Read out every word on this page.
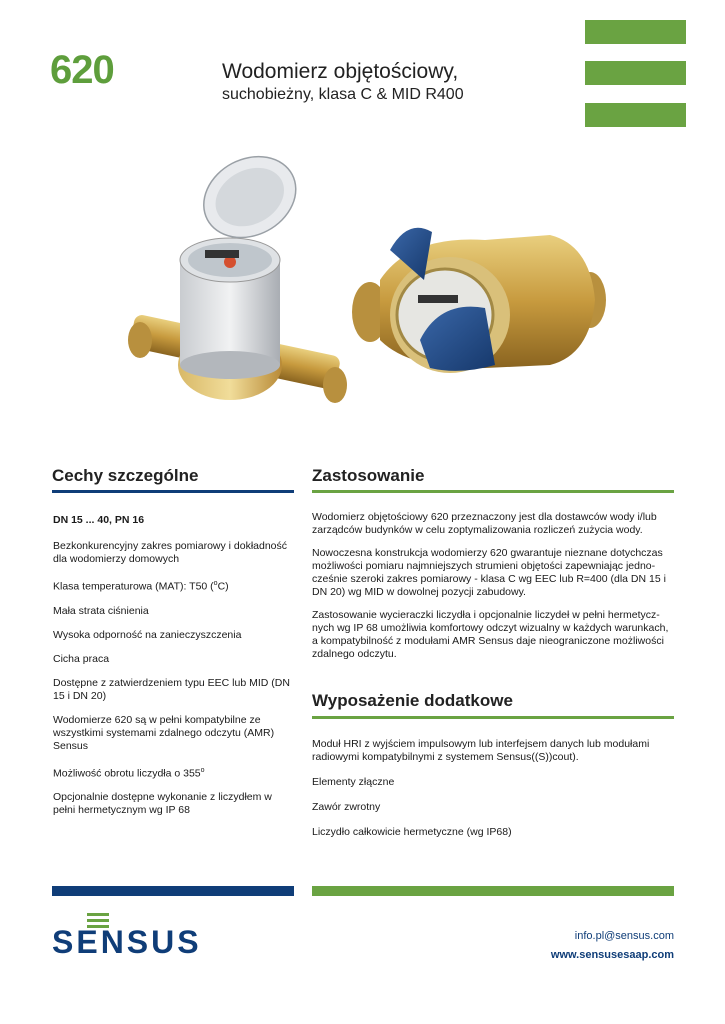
620	Wodomierz objętościowy,
suchobieżny, klasa C & MID R400
Cechy szczególne

DN 15 ... 40, PN 16

Bezkonkurencyjny zakres pomiarowy i dokładność dla wodomierzy domowych

Klasa temperaturowa (MAT): T50 ($^o$C)

Mała strata ciśnienia

Wysoka odporność na zanieczyszczenia

Cicha praca

Dostępne z zatwierdzeniem typu EEC lub MID (DN 15 i DN 20)

Wodomierze 620 są w pełni kompatybilne ze wszystkimi systemami zdalnego odczytu (AMR) Sensus

Możliwość obrotu liczydła o 355$^o$

Opcjonalnie dostępne wykonanie z liczydłem w pełni hermetycznym wg IP 68

Zastosowanie

Wodomierz objętościowy 620 przeznaczony jest dla dostawców wody i/lub zarządców budynków w celu zoptymalizowania rozliczeń zużycia wody.

Nowoczesna konstrukcja wodomierzy 620 gwarantuje nieznane dotychczas możliwości pomiaru najmniejszych strumieni objętości zapewniając jedno-cześnie szeroki zakres pomiarowy - klasa C wg EEC lub R=400 (dla DN 15 i DN 20) wg MID w dowolnej pozycji zabudowy.

Zastosowanie wycieraczki liczydła i opcjonalnie liczydeł w pełni hermetycz-nych wg IP 68 umożliwia komfortowy odczyt wizualny w każdych warunkach, a kompatybilność z modułami AMR Sensus daje nieograniczone możliwości zdalnego odczytu.

Wyposażenie dodatkowe

Moduł HRI z wyjściem impulsowym lub interfejsem danych lub modułami radiowymi kompatybilnymi z systemem Sensus((S))cout).

Elementy złączne

Zawór zwrotny

Liczydło całkowicie hermetyczne (wg IP68)

SENSUS	info.pl@sensus.com
www.sensusesaap.com
